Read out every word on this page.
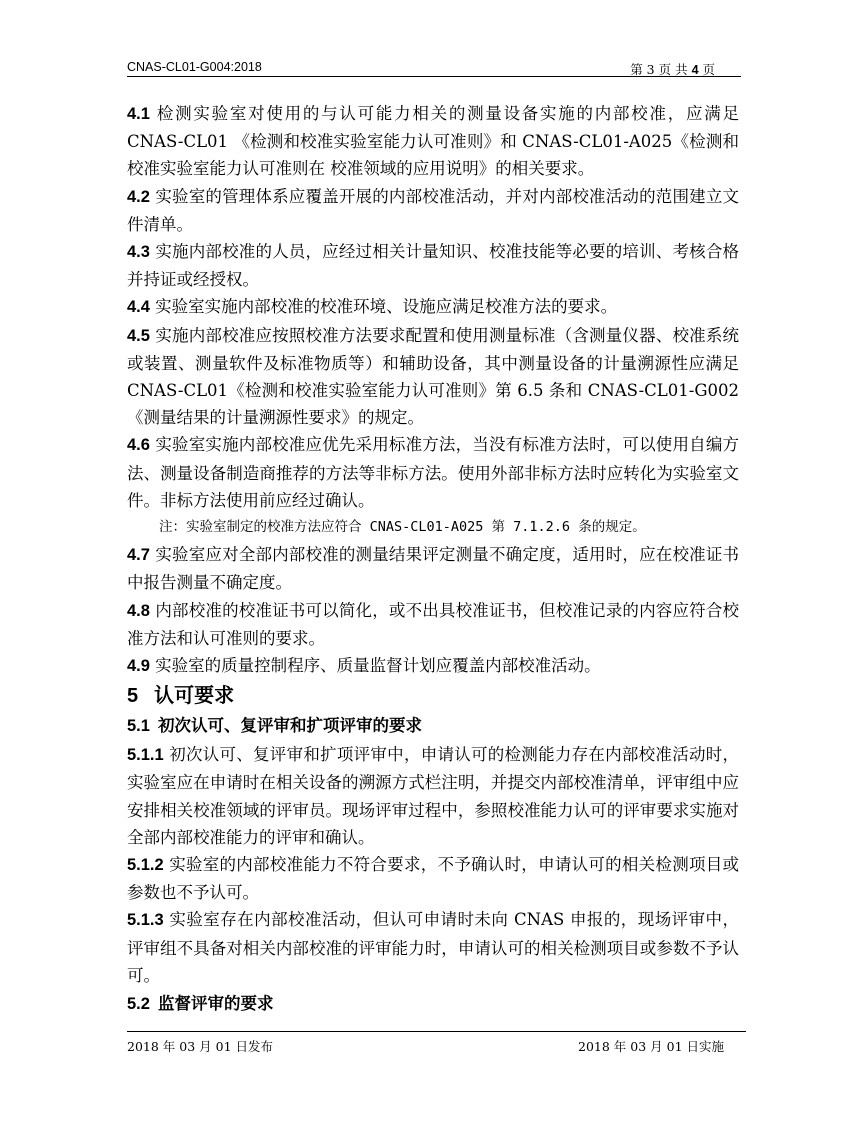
CNAS-CL01-G004:2018	第 3 页 共 4 页

4.1 检测实验室对使用的与认可能力相关的测量设备实施的内部校准，应满足CNAS-CL01 《检测和校准实验室能力认可准则》和 CNAS-CL01-A025《检测和校准实验室能力认可准则在 校准领域的应用说明》的相关要求。

4.2 实验室的管理体系应覆盖开展的内部校准活动，并对内部校准活动的范围建立文件清单。

4.3 实施内部校准的人员，应经过相关计量知识、校准技能等必要的培训、考核合格并持证或经授权。

4.4 实验室实施内部校准的校准环境、设施应满足校准方法的要求。

4.5 实施内部校准应按照校准方法要求配置和使用测量标准（含测量仪器、校准系统或装置、测量软件及标准物质等）和辅助设备，其中测量设备的计量溯源性应满足 CNAS-CL01《检测和校准实验室能力认可准则》第 6.5 条和 CNAS-CL01-G002《测量结果的计量溯源性要求》的规定。

4.6 实验室实施内部校准应优先采用标准方法，当没有标准方法时，可以使用自编方法、测量设备制造商推荐的方法等非标方法。使用外部非标方法时应转化为实验室文件。非标方法使用前应经过确认。

注：实验室制定的校准方法应符合 CNAS-CL01-A025 第 7.1.2.6 条的规定。

4.7 实验室应对全部内部校准的测量结果评定测量不确定度，适用时，应在校准证书中报告测量不确定度。

4.8 内部校准的校准证书可以简化，或不出具校准证书，但校准记录的内容应符合校准方法和认可准则的要求。

4.9 实验室的质量控制程序、质量监督计划应覆盖内部校准活动。

5 认可要求

5.1 初次认可、复评审和扩项评审的要求

5.1.1 初次认可、复评审和扩项评审中，申请认可的检测能力存在内部校准活动时，实验室应在申请时在相关设备的溯源方式栏注明，并提交内部校准清单，评审组中应安排相关校准领域的评审员。现场评审过程中，参照校准能力认可的评审要求实施对全部内部校准能力的评审和确认。

5.1.2 实验室的内部校准能力不符合要求，不予确认时，申请认可的相关检测项目或参数也不予认可。

5.1.3 实验室存在内部校准活动，但认可申请时未向 CNAS 申报的，现场评审中，评审组不具备对相关内部校准的评审能力时，申请认可的相关检测项目或参数不予认可。

5.2 监督评审的要求

2018 年 03 月 01 日发布	2018 年 03 月 01 日实施
